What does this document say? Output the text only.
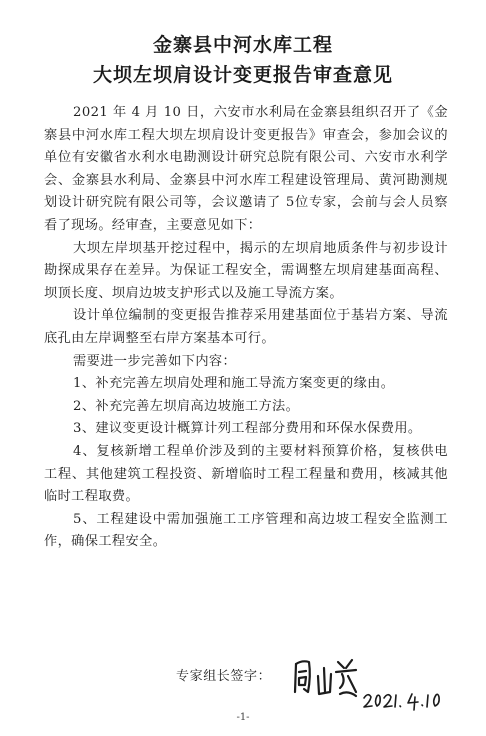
金寨县中河水库工程
大坝左坝肩设计变更报告审查意见

2021 年 4 月 10 日，六安市水利局在金寨县组织召开了《金寨县中河水库工程大坝左坝肩设计变更报告》审查会，参加会议的单位有安徽省水利水电勘测设计研究总院有限公司、六安市水利学会、金寨县水利局、金寨县中河水库工程建设管理局、黄河勘测规划设计研究院有限公司等，会议邀请了 5位专家，会前与会人员察看了现场。经审查，主要意见如下：

大坝左岸坝基开挖过程中，揭示的左坝肩地质条件与初步设计勘探成果存在差异。为保证工程安全，需调整左坝肩建基面高程、坝顶长度、坝肩边坡支护形式以及施工导流方案。

设计单位编制的变更报告推荐采用建基面位于基岩方案、导流底孔由左岸调整至右岸方案基本可行。

需要进一步完善如下内容：

1、补充完善左坝肩处理和施工导流方案变更的缘由。

2、补充完善左坝肩高边坡施工方法。

3、建议变更设计概算计列工程部分费用和环保水保费用。

4、复核新增工程单价涉及到的主要材料预算价格，复核供电工程、其他建筑工程投资、新增临时工程工程量和费用，核减其他临时工程取费。

5、工程建设中需加强施工工序管理和高边坡工程安全监测工作，确保工程安全。

专家组长签字：
-1-
